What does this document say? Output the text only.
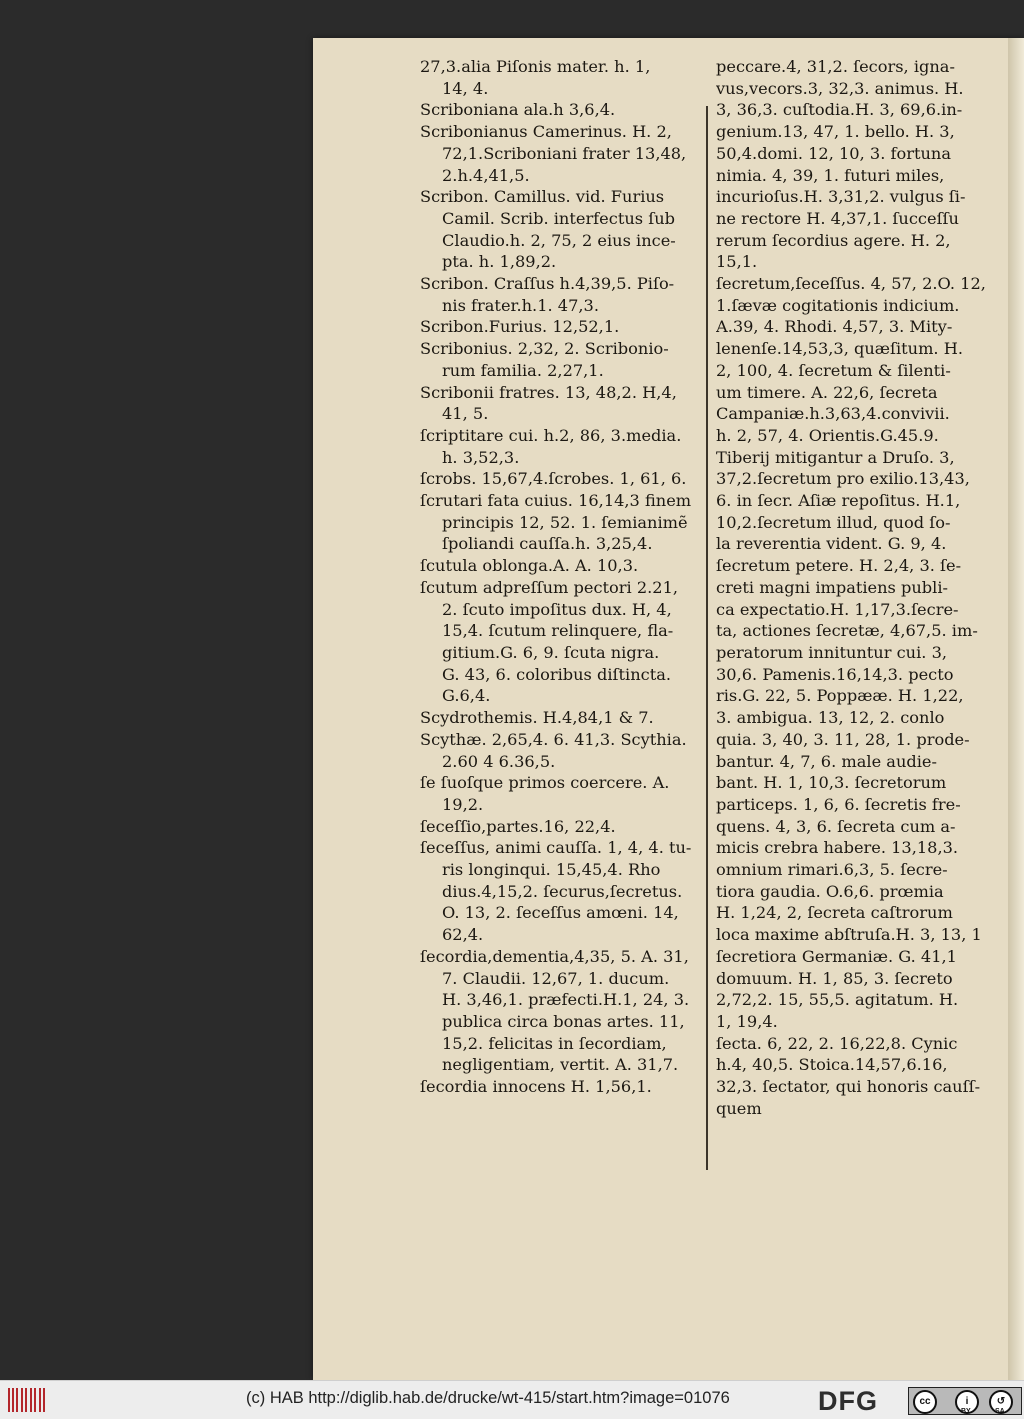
27,3.alia Piſonis mater. h. 1,
14, 4.
Scriboniana ala.h 3,6,4.
Scribonianus Camerinus. H. 2,
72,1.Scriboniani frater 13,48,
2.h.4,41,5.
Scribon. Camillus. vid. Furius
Camil. Scrib. interfectus ſub
Claudio.h. 2, 75, 2 eius ince-
pta. h. 1,89,2.
Scribon. Craſſus h.4,39,5. Piſo-
nis frater.h.1. 47,3.
Scribon.Furius. 12,52,1.
Scribonius. 2,32, 2. Scribonio-
rum familia. 2,27,1.
Scribonii fratres. 13, 48,2. H,4,
41, 5.
ſcriptitare cui. h.2, 86, 3.media.
h. 3,52,3.
ſcrobs. 15,67,4.ſcrobes. 1, 61, 6.
ſcrutari fata cuius. 16,14,3 finem
principis 12, 52. 1. ſemianimẽ
ſpoliandi cauſſa.h. 3,25,4.
ſcutula oblonga.A. A. 10,3.
ſcutum adpreſſum pectori 2.21,
2. ſcuto impoſitus dux. H, 4,
15,4. ſcutum relinquere, fla-
gitium.G. 6, 9. ſcuta nigra.
G. 43, 6. coloribus diſtincta.
G.6,4.
Scydrothemis. H.4,84,1 & 7.
Scythæ. 2,65,4. 6. 41,3. Scythia.
2.60 4 6.36,5.
ſe ſuoſque primos coercere. A.
19,2.
ſeceſſio,partes.16, 22,4.
ſeceſſus, animi cauſſa. 1, 4, 4. tu-
ris longinqui. 15,45,4. Rho
dius.4,15,2. ſecurus,ſecretus.
O. 13, 2. ſeceſſus amœni. 14,
62,4.
ſecordia,dementia,4,35, 5. A. 31,
7. Claudii. 12,67, 1. ducum.
H. 3,46,1. præfecti.H.1, 24, 3.
publica circa bonas artes. 11,
15,2. felicitas in ſecordiam,
negligentiam, vertit. A. 31,7.
ſecordia innocens H. 1,56,1.
peccare.4, 31,2. ſecors, igna-
vus,vecors.3, 32,3. animus. H.
3, 36,3. cuſtodia.H. 3, 69,6.in-
genium.13, 47, 1. bello. H. 3,
50,4.domi. 12, 10, 3. fortuna
nimia. 4, 39, 1. futuri miles,
incurioſus.H. 3,31,2. vulgus ſi-
ne rectore H. 4,37,1. ſucceſſu
rerum ſecordius agere. H. 2,
15,1.
ſecretum,ſeceſſus. 4, 57, 2.O. 12,
1.ſævæ cogitationis indicium.
A.39, 4. Rhodi. 4,57, 3. Mity-
lenenſe.14,53,3, quæſitum. H.
2, 100, 4. ſecretum & ſilenti-
um timere. A. 22,6, ſecreta
Campaniæ.h.3,63,4.convivii.
h. 2, 57, 4. Orientis.G.45.9.
Tiberij mitigantur a Druſo. 3,
37,2.ſecretum pro exilio.13,43,
6. in ſecr. Aſiæ repoſitus. H.1,
10,2.ſecretum illud, quod ſo-
la reverentia vident. G. 9, 4.
ſecretum petere. H. 2,4, 3. ſe-
creti magni impatiens publi-
ca expectatio.H. 1,17,3.ſecre-
ta, actiones ſecretæ, 4,67,5. im-
peratorum innituntur cui. 3,
30,6. Pamenis.16,14,3. pecto
ris.G. 22, 5. Poppææ. H. 1,22,
3. ambigua. 13, 12, 2. conlo
quia. 3, 40, 3. 11, 28, 1. prode-
bantur. 4, 7, 6. male audie-
bant. H. 1, 10,3. ſecretorum
particeps. 1, 6, 6. ſecretis fre-
quens. 4, 3, 6. ſecreta cum a-
micis crebra habere. 13,18,3.
omnium rimari.6,3, 5. ſecre-
tiora gaudia. O.6,6. prœmia
H. 1,24, 2, ſecreta caſtrorum
loca maxime abſtruſa.H. 3, 13, 1
ſecretiora Germaniæ. G. 41,1
domuum. H. 1, 85, 3. ſecreto
2,72,2. 15, 55,5. agitatum. H.
1, 19,4.
ſecta. 6, 22, 2. 16,22,8. Cynic
h.4, 40,5. Stoica.14,57,6.16,
32,3. ſectator, qui honoris cauſſ-
quem
(c) HAB http://diglib.hab.de/drucke/wt-415/start.htm?image=01076	DFG	cc	i	↺
BY	SA
